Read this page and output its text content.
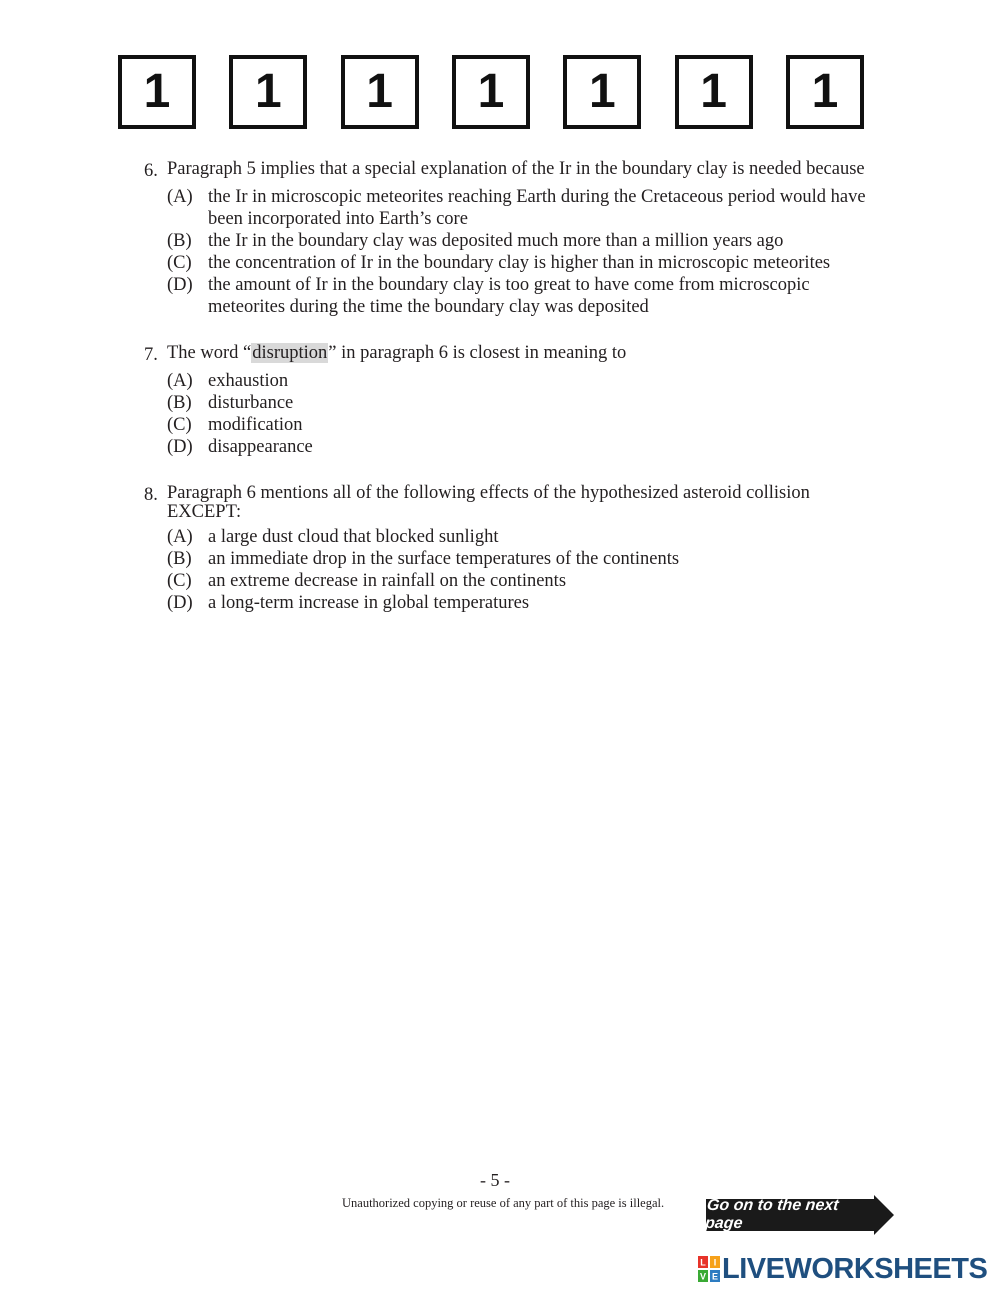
1	1	1	1	1	1	1
6. Paragraph 5 implies that a special explanation of the Ir in the boundary clay is needed because
(A) the Ir in microscopic meteorites reaching Earth during the Cretaceous period would have been incorporated into Earth’s core
(B) the Ir in the boundary clay was deposited much more than a million years ago
(C) the concentration of Ir in the boundary clay is higher than in microscopic meteorites
(D) the amount of Ir in the boundary clay is too great to have come from microscopic meteorites during the time the boundary clay was deposited
7. The word “disruption” in paragraph 6 is closest in meaning to
(A) exhaustion
(B) disturbance
(C) modification
(D) disappearance
8. Paragraph 6 mentions all of the following effects of the hypothesized asteroid collision EXCEPT:
(A) a large dust cloud that blocked sunlight
(B) an immediate drop in the surface temperatures of the continents
(C) an extreme decrease in rainfall on the continents
(D) a long-term increase in global temperatures
- 5 -
Unauthorized copying or reuse of any part of this page is illegal.	Go on to the next page
L I
V E LIVEWORKSHEETS
